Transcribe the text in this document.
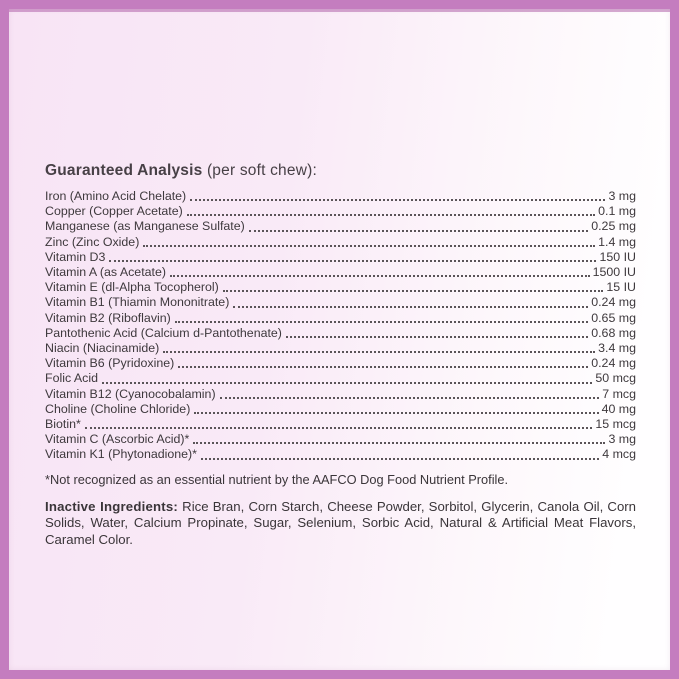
Guaranteed Analysis (per soft chew):

Iron (Amino Acid Chelate)	3 mg
Copper (Copper Acetate)	0.1 mg
Manganese (as Manganese Sulfate)	0.25 mg
Zinc (Zinc Oxide)	1.4 mg
Vitamin D3	150 IU
Vitamin A (as Acetate)	1500 IU
Vitamin E (dl-Alpha Tocopherol)	15 IU
Vitamin B1 (Thiamin Mononitrate)	0.24 mg
Vitamin B2 (Riboflavin)	0.65 mg
Pantothenic Acid (Calcium d-Pantothenate)	0.68 mg
Niacin (Niacinamide)	3.4 mg
Vitamin B6 (Pyridoxine)	0.24 mg
Folic Acid	50 mcg
Vitamin B12 (Cyanocobalamin)	7 mcg
Choline (Choline Chloride)	40 mg
Biotin*	15 mcg
Vitamin C (Ascorbic Acid)*	3 mg
Vitamin K1 (Phytonadione)*	4 mcg
*Not recognized as an essential nutrient by the AAFCO Dog Food Nutrient Profile.

Inactive Ingredients: Rice Bran, Corn Starch, Cheese Powder, Sorbitol, Glycerin, Canola Oil, Corn Solids, Water, Calcium Propinate, Sugar, Selenium, Sorbic Acid, Natural & Artificial Meat Flavors, Caramel Color.
